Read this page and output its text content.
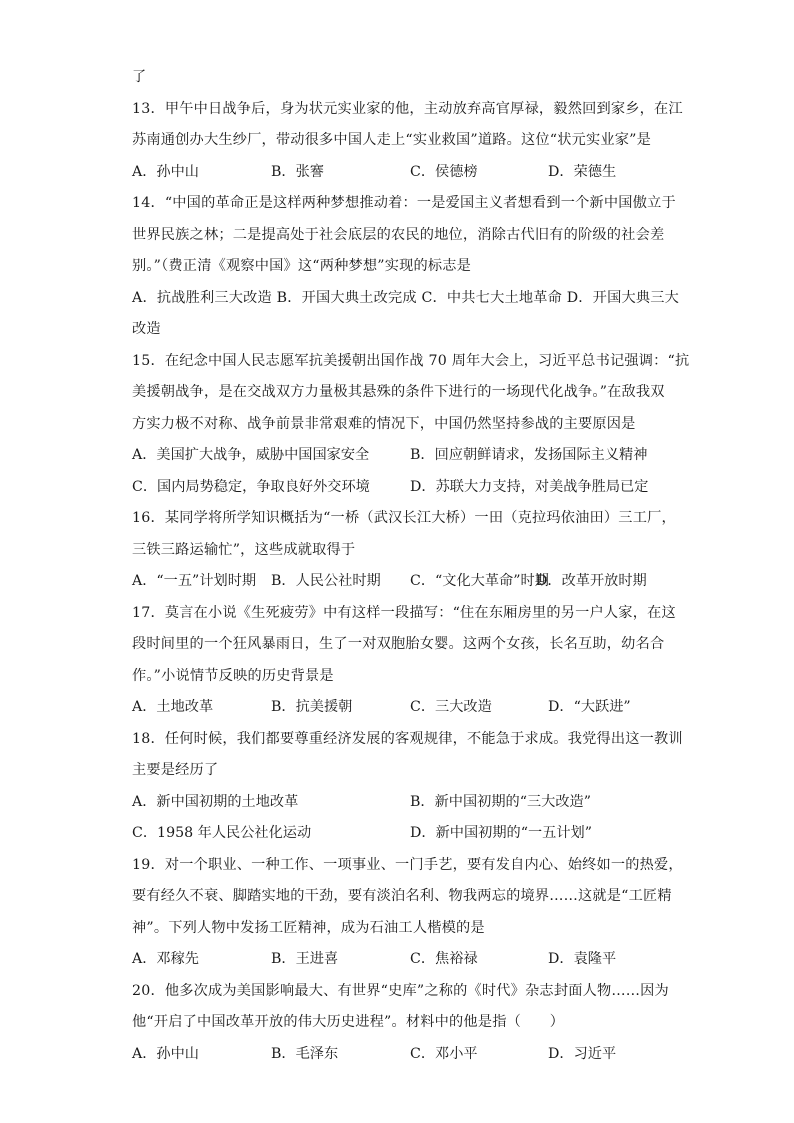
了
13．甲午中日战争后，身为状元实业家的他，主动放弃高官厚禄，毅然回到家乡，在江
苏南通创办大生纱厂，带动很多中国人走上“实业救国”道路。这位“状元实业家”是
A．孙中山	B．张謇	C．侯德榜	D．荣德生
14．“中国的革命正是这样两种梦想推动着：一是爱国主义者想看到一个新中国傲立于
世界民族之林；二是提高处于社会底层的农民的地位，消除古代旧有的阶级的社会差
别。”（费正清《观察中国》这“两种梦想”实现的标志是
A．抗战胜利三大改造 B．开国大典土改完成 C．中共七大土地革命 D．开国大典三大
改造
15．在纪念中国人民志愿军抗美援朝出国作战 70 周年大会上，习近平总书记强调：“抗
美援朝战争，是在交战双方力量极其悬殊的条件下进行的一场现代化战争。”在敌我双
方实力极不对称、战争前景非常艰难的情况下，中国仍然坚持参战的主要原因是
A．美国扩大战争，威胁中国国家安全	B．回应朝鲜请求，发扬国际主义精神
C．国内局势稳定，争取良好外交环境	D．苏联大力支持，对美战争胜局已定
16．某同学将所学知识概括为“一桥（武汉长江大桥）一田（克拉玛依油田）三工厂，
三铁三路运输忙”，这些成就取得于
A．“一五”计划时期 B．人民公社时期 C．“文化大革命”时期
D．改革开放时期
17．莫言在小说《生死疲劳》中有这样一段描写：“住在东厢房里的另一户人家，在这
段时间里的一个狂风暴雨日，生了一对双胞胎女婴。这两个女孩，长名互助，幼名合
作。”小说情节反映的历史背景是
A．土地改革	B．抗美援朝	C．三大改造	D．“大跃进”
18．任何时候，我们都要尊重经济发展的客观规律，不能急于求成。我党得出这一教训
主要是经历了
A．新中国初期的土地改革	B．新中国初期的“三大改造”
C．1958 年人民公社化运动	D．新中国初期的“一五计划”
19．对一个职业、一种工作、一项事业、一门手艺，要有发自内心、始终如一的热爱，
要有经久不衰、脚踏实地的干劲，要有淡泊名利、物我两忘的境界……这就是“工匠精
神”。下列人物中发扬工匠精神，成为石油工人楷模的是
A．邓稼先	B．王进喜	C．焦裕禄	D．袁隆平
20．他多次成为美国影响最大、有世界“史库”之称的《时代》杂志封面人物……因为
他“开启了中国改革开放的伟大历史进程”。材料中的他是指（　　）
A．孙中山	B．毛泽东	C．邓小平	D．习近平
